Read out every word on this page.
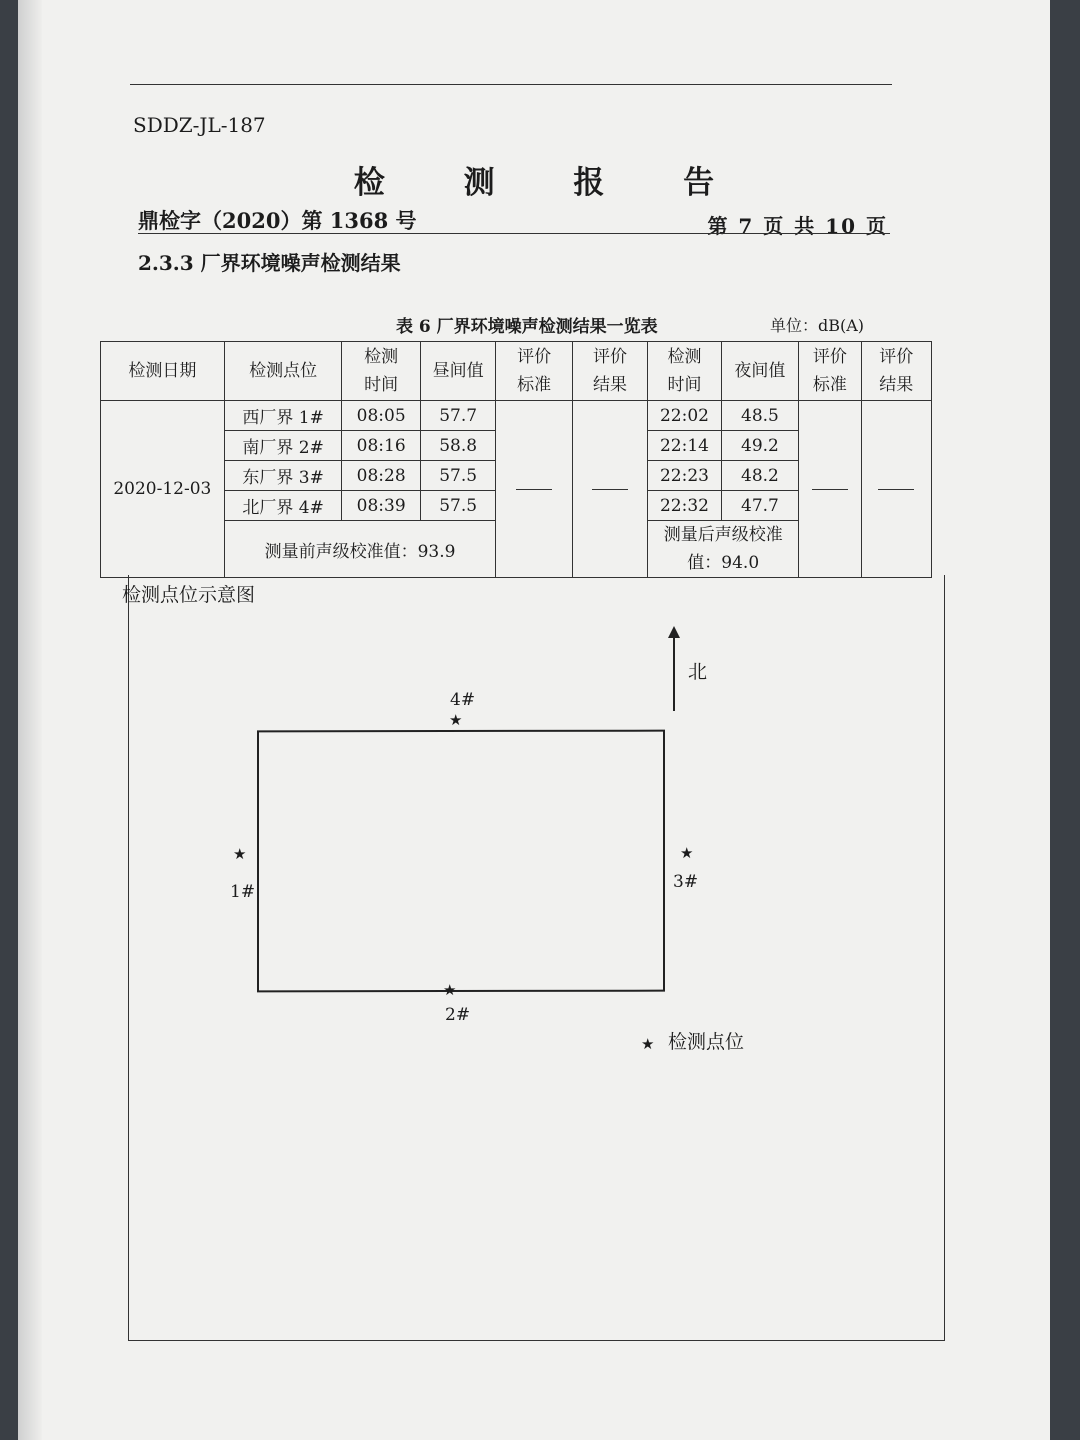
SDDZ-JL-187
检 测 报 告
鼎检字（2020）第 1368 号	第 7 页 共 10 页
2.3.3 厂界环境噪声检测结果
表 6 厂界环境噪声检测结果一览表	单位：dB(A)
检测日期	检测点位	检测时间	昼间值	评价标准	评价结果	检测时间	夜间值	评价标准	评价结果
2020-12-03	西厂界 1#	08:05	57.7			22:02	48.5		
	南厂界 2#	08:16	58.8			22:14	49.2		
	东厂界 3#	08:28	57.5			22:23	48.2		
	北厂界 4#	08:39	57.5			22:32	47.7		
	测量前声级校准值：93.9					测量后声级校准值：94.0			
检测点位示意图
北
4#
★
★
1#
★
3#
★
2#
★ 检测点位
